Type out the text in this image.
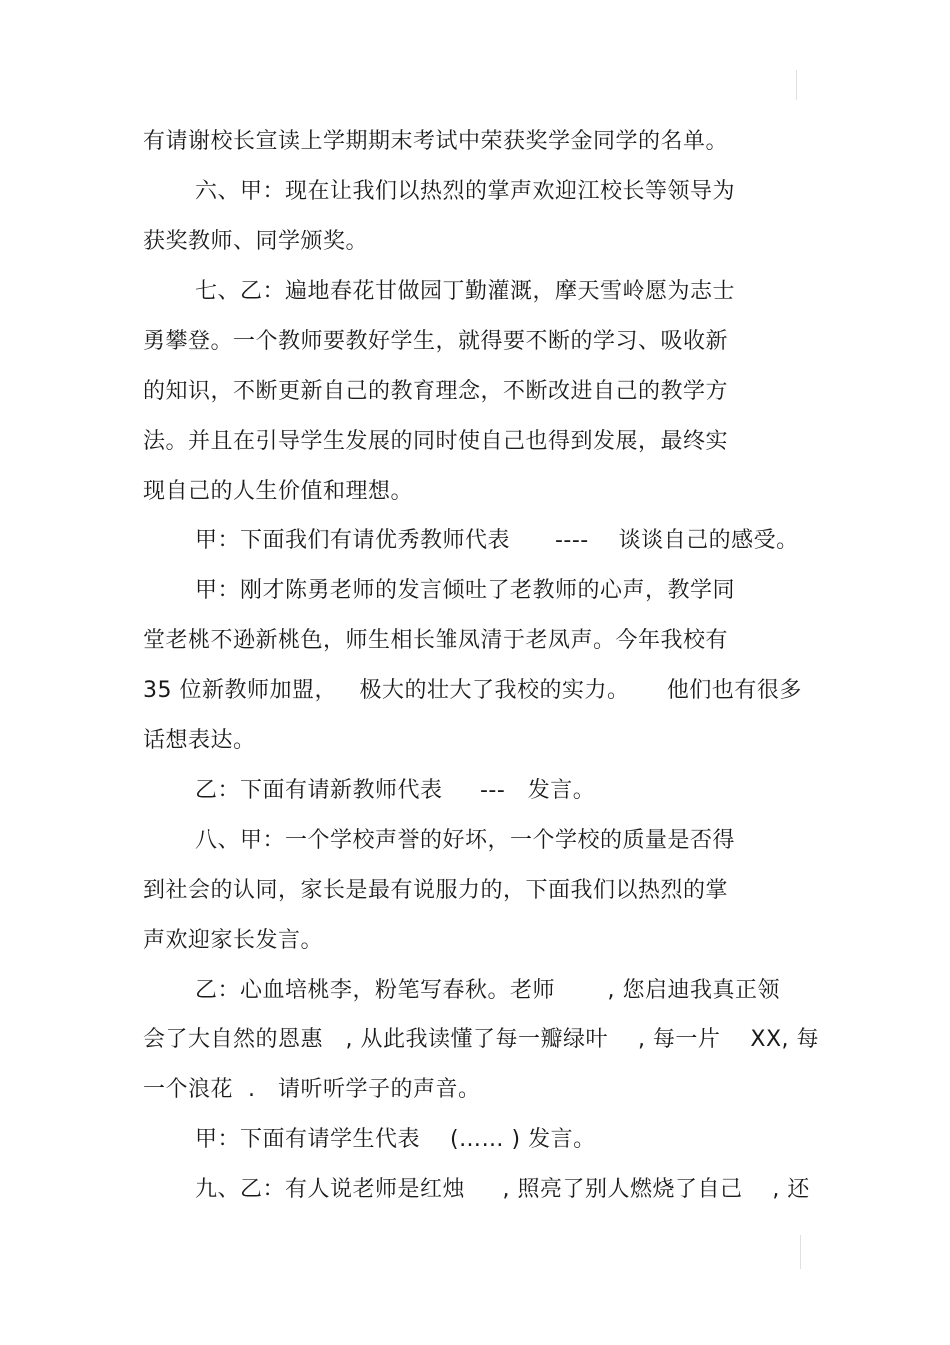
有请谢校长宣读上学期期末考试中荣获奖学金同学的名单。
六、甲：现在让我们以热烈的掌声欢迎江校长等领导为
获奖教师、同学颁奖。
七、乙：遍地春花甘做园丁勤灌溉，摩天雪岭愿为志士
勇攀登。一个教师要教好学生，就得要不断的学习、吸收新
的知识，不断更新自己的教育理念，不断改进自己的教学方
法。并且在引导学生发展的同时使自己也得到发展，最终实
现自己的人生价值和理想。
甲：下面我们有请优秀教师代表      ----    谈谈自己的感受。
甲：刚才陈勇老师的发言倾吐了老教师的心声，教学同
堂老桃不逊新桃色，师生相长雏凤清于老凤声。今年我校有
35 位新教师加盟，   极大的壮大了我校的实力。     他们也有很多
话想表达。
乙：下面有请新教师代表     ---   发言。
八、甲：一个学校声誉的好坏，一个学校的质量是否得
到社会的认同，家长是最有说服力的，下面我们以热烈的掌
声欢迎家长发言。
乙：心血培桃李，粉笔写春秋。老师       , 您启迪我真正领
会了大自然的恩惠   , 从此我读懂了每一瓣绿叶    , 每一片    XX, 每
一个浪花  .   请听听学子的声音。
甲：下面有请学生代表    (…… ) 发言。
九、乙：有人说老师是红烛     , 照亮了别人燃烧了自己    , 还
